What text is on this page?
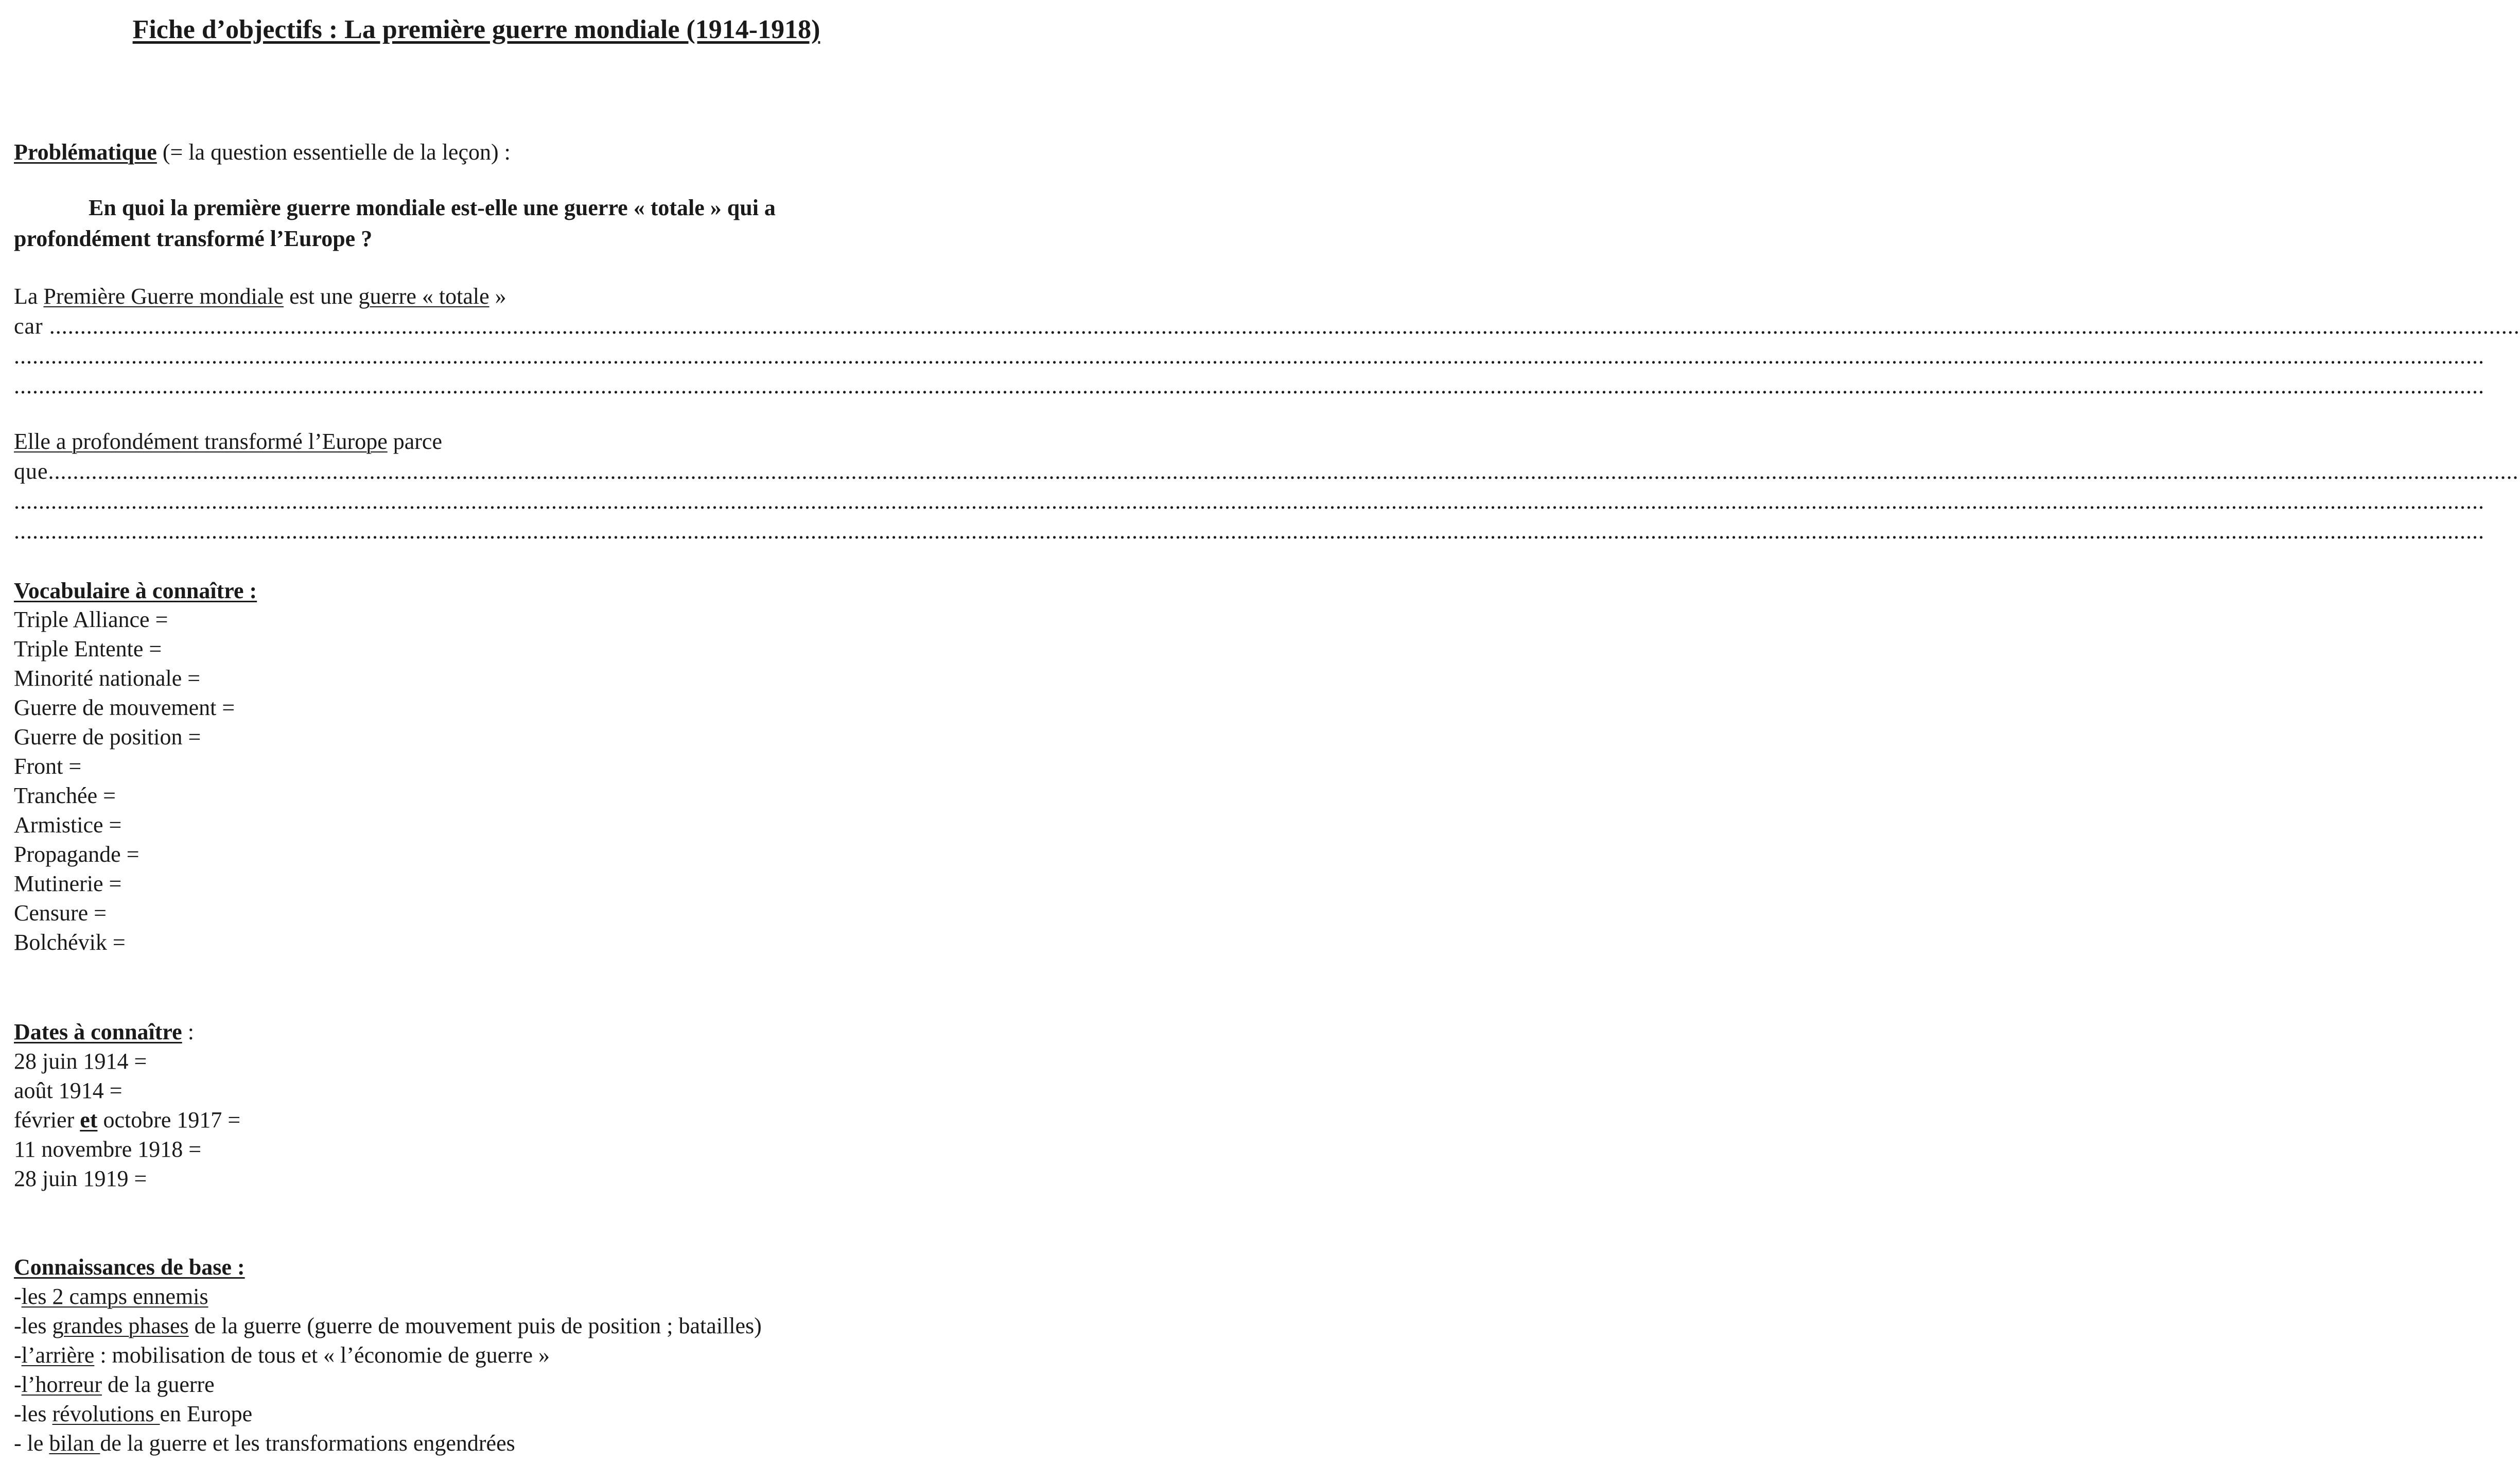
Fiche d’objectifs : La première guerre mondiale (1914-1918)
Problématique (= la question essentielle de la leçon) :
En quoi la première guerre mondiale est-elle une guerre « totale » qui a
profondément transformé l’Europe ?
La Première Guerre mondiale est une guerre « totale »
car ................................................................................................................................................................................................................................................................................................................................................................................................................
................................................................................................................................................................................................................................................................................................................................................................................................................
................................................................................................................................................................................................................................................................................................................................................................................................................
Elle a profondément transformé l’Europe parce
que................................................................................................................................................................................................................................................................................................................................................................................................................
................................................................................................................................................................................................................................................................................................................................................................................................................
................................................................................................................................................................................................................................................................................................................................................................................................................
Vocabulaire à connaître :
Triple Alliance =
Triple Entente =
Minorité nationale =
Guerre de mouvement =
Guerre de position =
Front =
Tranchée =
Armistice =
Propagande =
Mutinerie =
Censure =
Bolchévik =
Dates à connaître :
28 juin 1914 =
août 1914 =
février et octobre 1917 =
11 novembre 1918 =
28 juin 1919 =
Connaissances de base :
-les 2 camps ennemis
-les grandes phases de la guerre (guerre de mouvement puis de position ; batailles)
-l’arrière : mobilisation de tous et « l’économie de guerre »
-l’horreur de la guerre
-les révolutions en Europe
- le bilan de la guerre et les transformations engendrées
